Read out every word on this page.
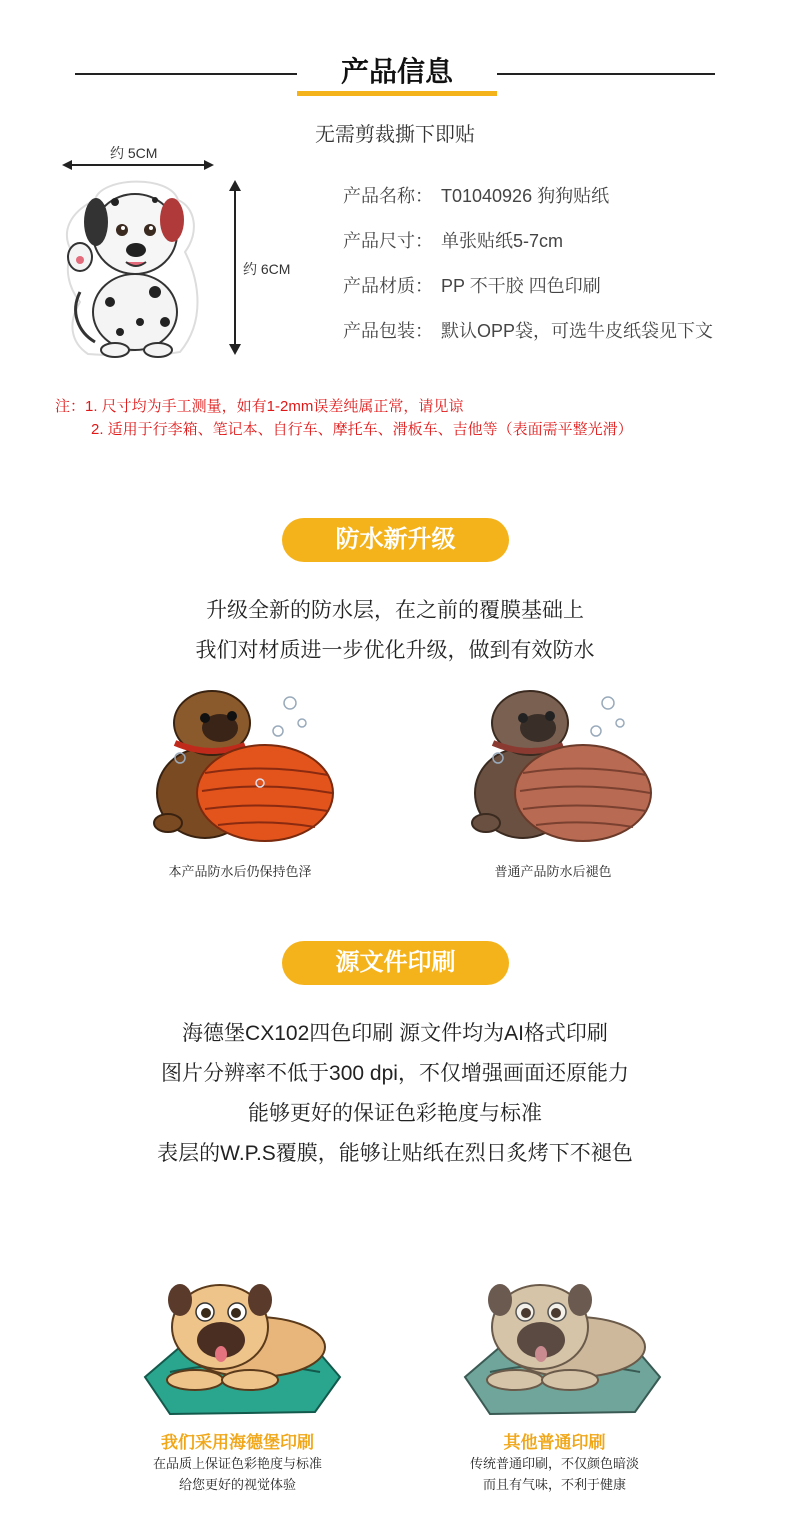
产品信息
无需剪裁撕下即贴
约 5CM
约 6CM
产品名称： T01040926 狗狗贴纸
产品尺寸： 单张贴纸5-7cm
产品材质： PP 不干胶 四色印刷
产品包装： 默认OPP袋，可选牛皮纸袋见下文
注：1. 尺寸均为手工测量，如有1-2mm误差纯属正常，请见谅
2. 适用于行李箱、笔记本、自行车、摩托车、滑板车、吉他等（表面需平整光滑）
防水新升级
升级全新的防水层，在之前的覆膜基础上
我们对材质进一步优化升级，做到有效防水
本产品防水后仍保持色泽	普通产品防水后褪色
源文件印刷
海德堡CX102四色印刷 源文件均为AI格式印刷
图片分辨率不低于300 dpi，不仅增强画面还原能力
能够更好的保证色彩艳度与标准
表层的W.P.S覆膜，能够让贴纸在烈日炙烤下不褪色
我们采用海德堡印刷
在品质上保证色彩艳度与标准
给您更好的视觉体验
其他普通印刷
传统普通印刷，不仅颜色暗淡
而且有气味，不利于健康
